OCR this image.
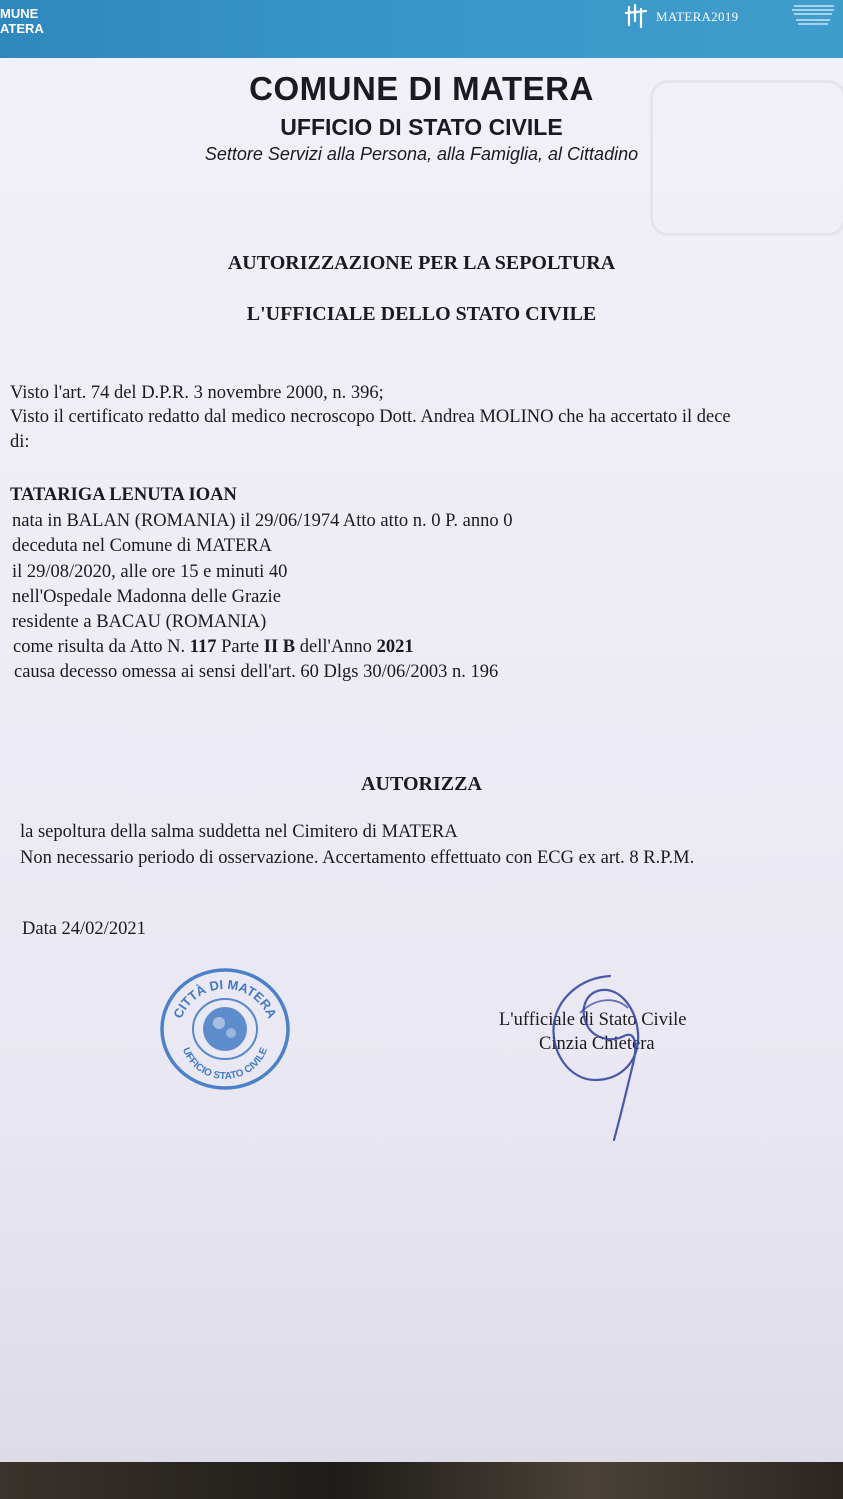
MUNE
ATERA
MATERA2019
COMUNE DI MATERA
UFFICIO DI STATO CIVILE
Settore Servizi alla Persona, alla Famiglia, al Cittadino
AUTORIZZAZIONE PER LA SEPOLTURA
L'UFFICIALE DELLO STATO CIVILE
Visto l'art. 74 del D.P.R. 3 novembre 2000, n. 396;
Visto il certificato redatto dal medico necroscopo Dott. Andrea MOLINO che ha accertato il dece
di:
TATARIGA LENUTA IOAN
nata in BALAN (ROMANIA) il 29/06/1974 Atto atto n. 0 P. anno 0
deceduta nel Comune di MATERA
il 29/08/2020, alle ore 15 e minuti 40
nell'Ospedale Madonna delle Grazie
residente a BACAU (ROMANIA)
come risulta da Atto N. 117 Parte II B dell'Anno 2021
causa decesso omessa ai sensi dell'art. 60 Dlgs 30/06/2003 n. 196
AUTORIZZA
la sepoltura della salma suddetta nel Cimitero di MATERA
Non necessario periodo di osservazione. Accertamento effettuato con ECG ex art. 8 R.P.M.
Data 24/02/2021
CITTÀ DI MATERA
UFFICIO STATO CIVILE
L'ufficiale di Stato Civile
Cinzia Chietera
